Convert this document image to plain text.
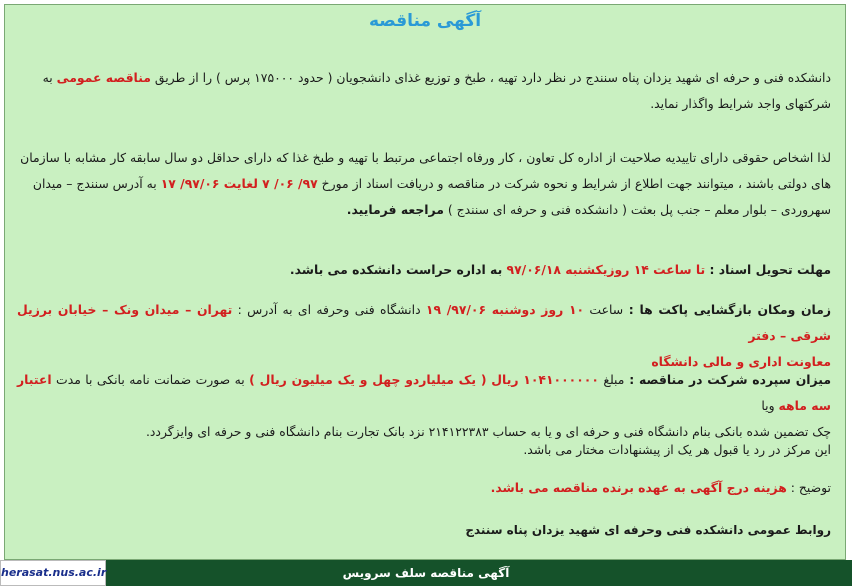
آگهی مناقصه
دانشکده فنی و حرفه ای شهید یزدان پناه سنندج در نظر دارد تهیه ، طبخ و توزیع غذای دانشجویان ( حدود ۱۷۵۰۰۰ پرس ) را از طریق مناقصه عمومی به
شرکتهای واجد شرایط واگذار نماید.
لذا اشخاص حقوقی دارای تاییدیه صلاحیت از اداره کل تعاون ، کار ورفاه اجتماعی مرتبط با تهیه و طبخ غذا که دارای حداقل دو سال سابقه کار مشابه با سازمان
های دولتی باشند ، میتوانند جهت اطلاع از شرایط و نحوه شرکت در مناقصه و دریافت اسناد از مورخ ۹۷/ ۰۶/ ۷ لغایت ۹۷/۰۶/ ۱۷ به آدرس سنندج – میدان
سهروردی – بلوار معلم – جنب پل بعثت ( دانشکده فنی و حرفه ای سنندج ) مراجعه فرمایید.
مهلت تحویل اسناد : تا ساعت ۱۴ روزیکشنبه ۹۷/۰۶/۱۸ به اداره حراست دانشکده می باشد.
زمان ومکان بازگشایی پاکت ها : ساعت ۱۰ روز دوشنبه ۹۷/۰۶/ ۱۹ دانشگاه فنی وحرفه ای به آدرس : تهران – میدان ونک – خیابان برزیل شرقی – دفتر
معاونت اداری و مالی دانشگاه
میزان سپرده شرکت در مناقصه : مبلغ ۱۰۴۱۰۰۰۰۰۰ ریال ( یک میلیاردو چهل و یک میلیون ریال ) به صورت ضمانت نامه بانکی با مدت اعتبار سه ماهه ویا
چک تضمین شده بانکی بنام دانشگاه فنی و حرفه ای و یا به حساب ۲۱۴۱۲۲۳۸۳ نزد بانک تجارت بنام دانشگاه فنی و حرفه ای وایزگردد.
این مرکز در رد یا قبول هر یک از پیشنهادات مختار می باشد.
توضیح : هزینه درج آگهی به عهده برنده مناقصه می باشد.
روابط عمومی دانشکده فنی وحرفه ای شهید یزدان پناه سنندج
آگهی مناقصه سلف سرویس
herasat.nus.ac.ir
